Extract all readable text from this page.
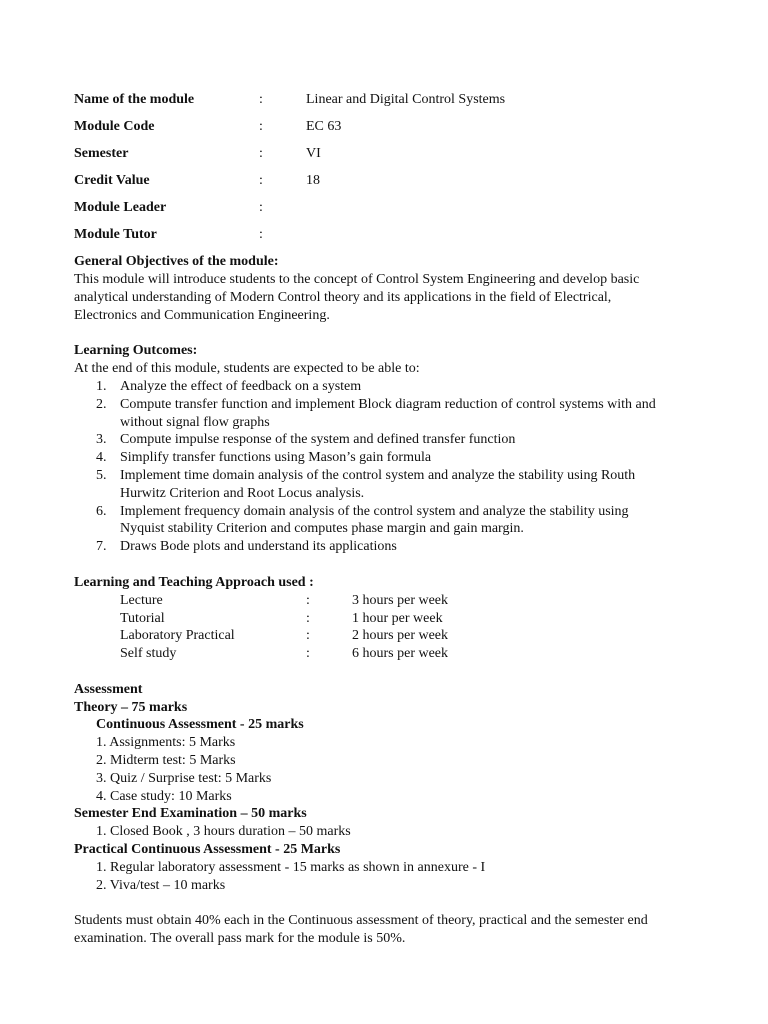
Name of the module	:	Linear and Digital Control Systems
Module Code	:	EC 63
Semester	:	VI
Credit Value	:	18
Module Leader	:
Module Tutor	:
General Objectives of the module:

This module will introduce students to the concept of Control System Engineering and develop basic

analytical understanding of Modern Control theory and its applications in the field of Electrical,

Electronics and Communication Engineering.

Learning Outcomes:

At the end of this module, students are expected to be able to:

1. Analyze the effect of feedback on a system
2. Compute transfer function and implement Block diagram reduction of control systems with and
without signal flow graphs
3. Compute impulse response of the system and defined transfer function
4. Simplify transfer functions using Mason’s gain formula
5. Implement time domain analysis of the control system and analyze the stability using Routh
Hurwitz Criterion and Root Locus analysis.
6. Implement frequency domain analysis of the control system and analyze the stability using
Nyquist stability Criterion and computes phase margin and gain margin.
7. Draws Bode plots and understand its applications
Learning and Teaching Approach used :
Lecture	:	3 hours per week
Tutorial	:	1 hour per week
Laboratory Practical	:	2 hours per week
Self study	:	6 hours per week
Assessment
Theory – 75 marks
Continuous Assessment - 25 marks
1. Assignments: 5 Marks
2. Midterm test: 5 Marks
3. Quiz / Surprise test: 5 Marks
4. Case study: 10 Marks
Semester End Examination – 50 marks
1. Closed Book , 3 hours duration – 50 marks
Practical Continuous Assessment - 25 Marks
1. Regular laboratory assessment - 15 marks as shown in annexure - I
2. Viva/test – 10 marks

Students must obtain 40% each in the Continuous assessment of theory, practical and the semester end

examination. The overall pass mark for the module is 50%.
